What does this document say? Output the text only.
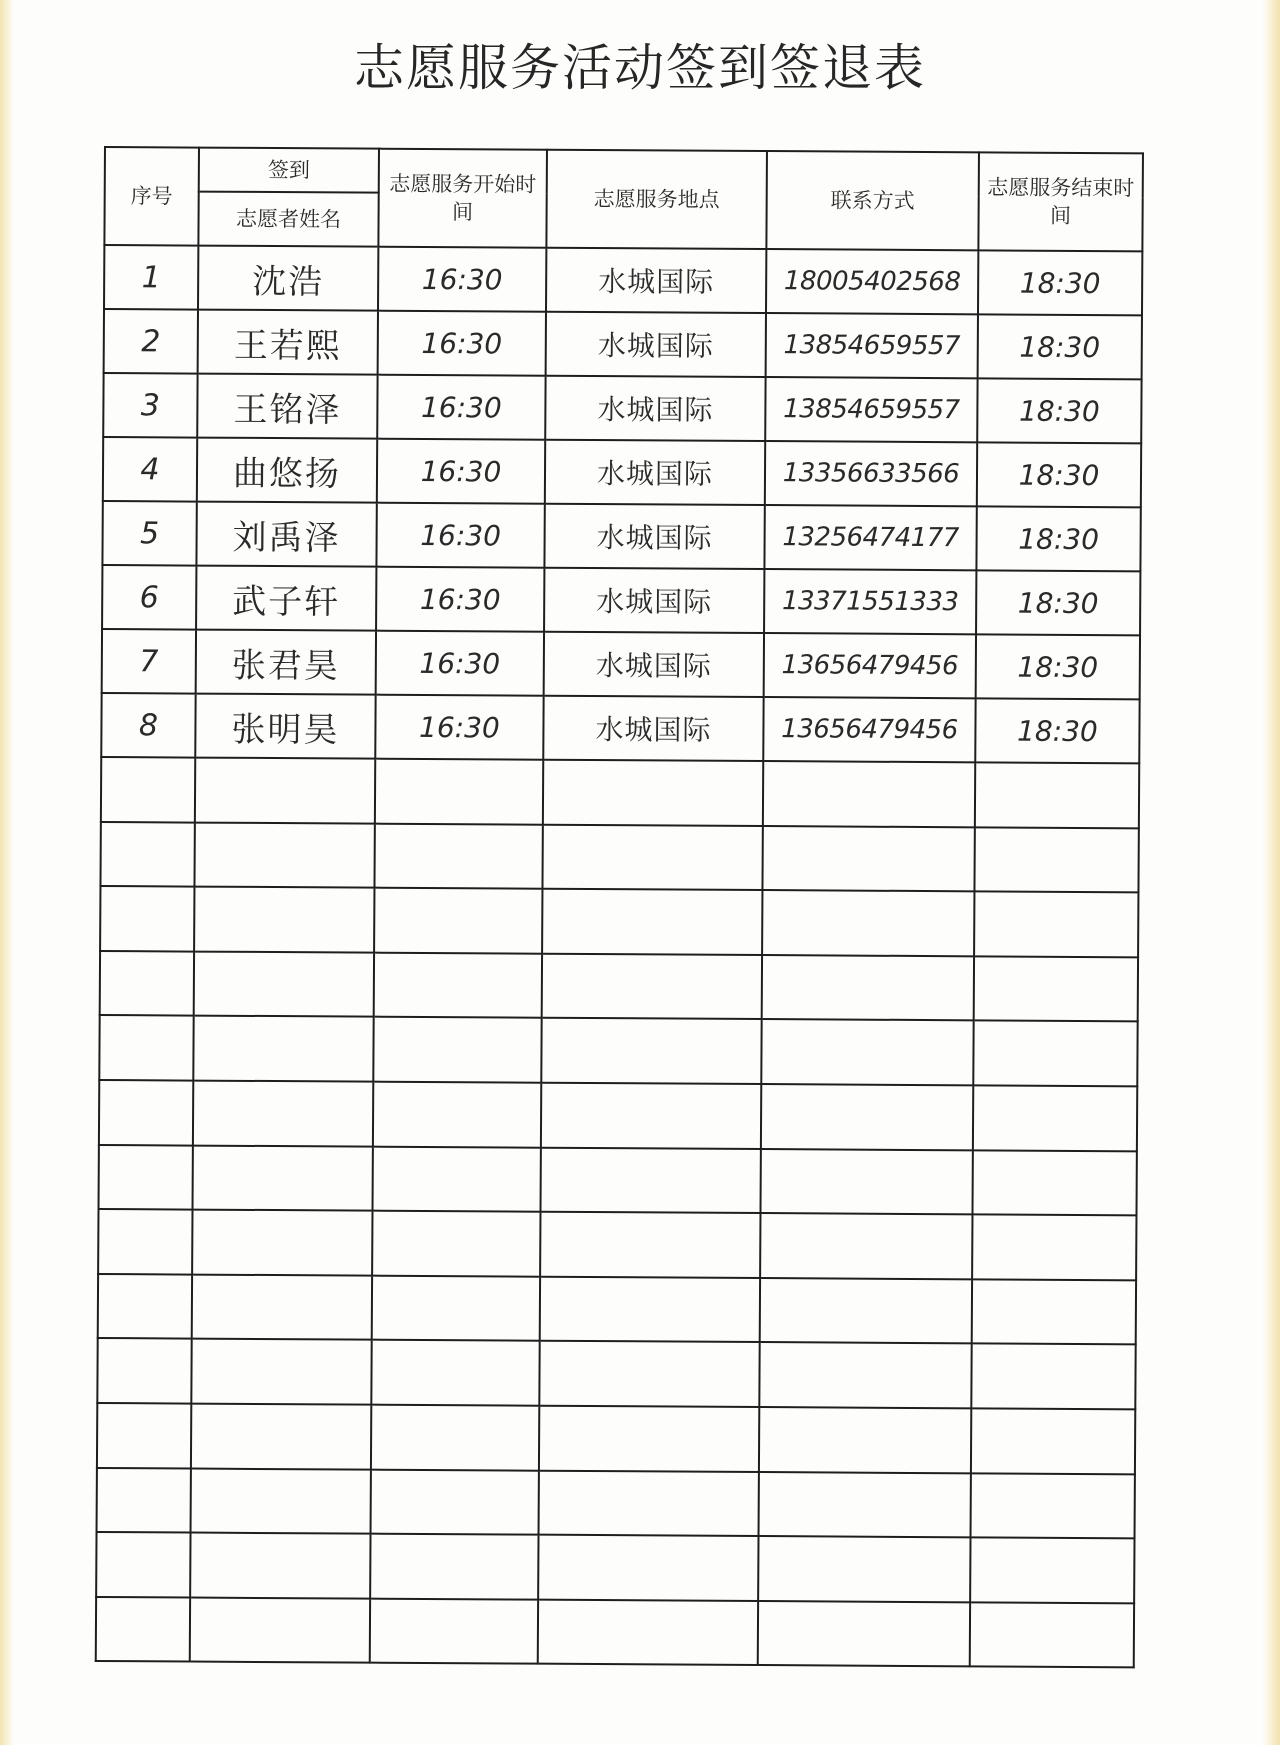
志愿服务活动签到签退表
序号	签到	志愿服务开始时间	志愿服务地点	联系方式	志愿服务结束时间
	志愿者姓名				
1	沈浩	16:30	水城国际	18005402568	18:30
2	王若熙	16:30	水城国际	13854659557	18:30
3	王铭泽	16:30	水城国际	13854659557	18:30
4	曲悠扬	16:30	水城国际	13356633566	18:30
5	刘禹泽	16:30	水城国际	13256474177	18:30
6	武子轩	16:30	水城国际	13371551333	18:30
7	张君昊	16:30	水城国际	13656479456	18:30
8	张明昊	16:30	水城国际	13656479456	18:30
